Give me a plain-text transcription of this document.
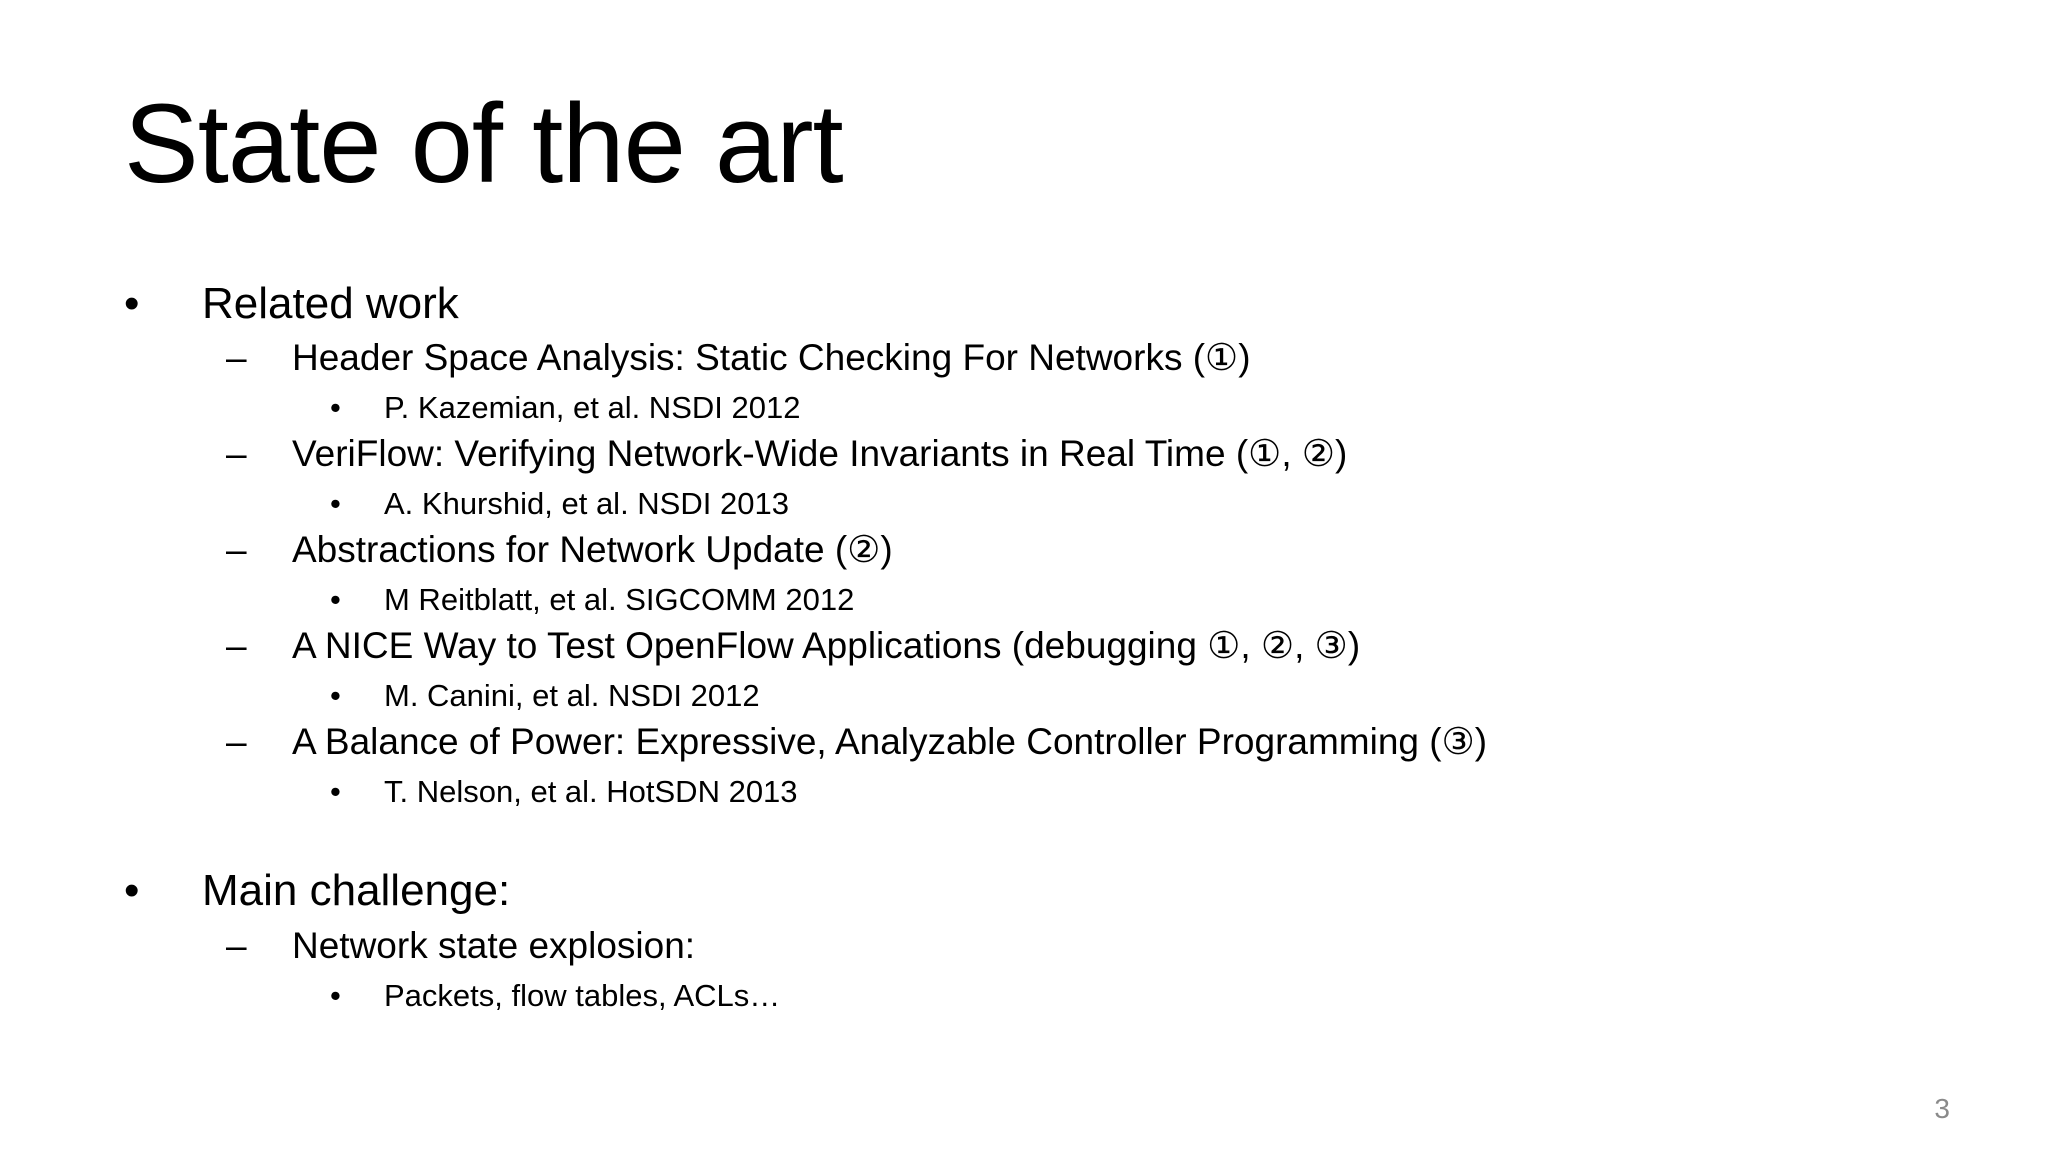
State of the art
• Related work
– Header Space Analysis: Static Checking For Networks (①)
• P. Kazemian, et al. NSDI 2012
– VeriFlow: Verifying Network-Wide Invariants in Real Time (①, ②)
• A. Khurshid, et al. NSDI 2013
– Abstractions for Network Update (②)
• M Reitblatt, et al. SIGCOMM 2012
– A NICE Way to Test OpenFlow Applications (debugging ①, ②, ③)
• M. Canini, et al. NSDI 2012
– A Balance of Power: Expressive, Analyzable Controller Programming (③)
• T. Nelson, et al. HotSDN 2013
• Main challenge:
– Network state explosion:
• Packets, flow tables, ACLs…
3
